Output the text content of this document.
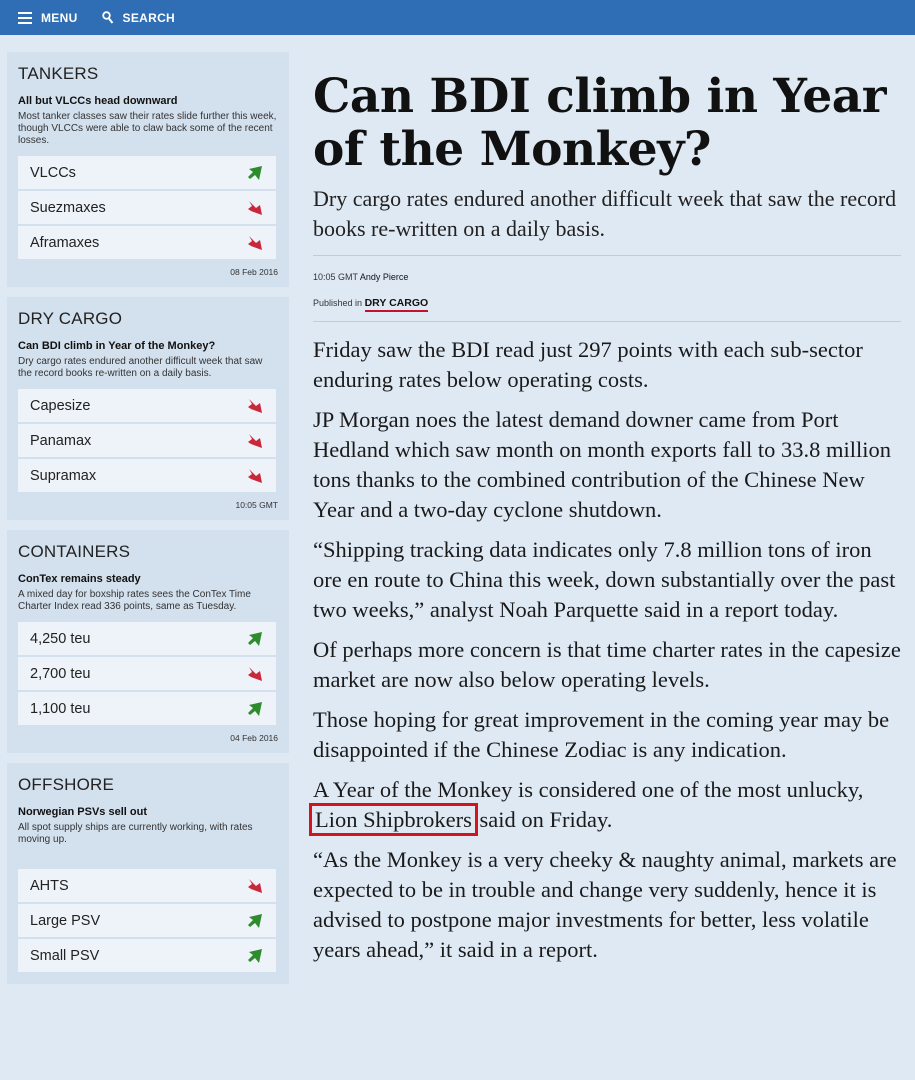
MENU	SEARCH
TANKERS
All but VLCCs head downward
Most tanker classes saw their rates slide further this week, though VLCCs were able to claw back some of the recent losses.
VLCCs
Suezmaxes
Aframaxes
08 Feb 2016
DRY CARGO
Can BDI climb in Year of the Monkey?
Dry cargo rates endured another difficult week that saw the record books re-written on a daily basis.
Capesize
Panamax
Supramax
10:05 GMT
CONTAINERS
ConTex remains steady
A mixed day for boxship rates sees the ConTex Time Charter Index read 336 points, same as Tuesday.
4,250 teu
2,700 teu
1,100 teu
04 Feb 2016
OFFSHORE
Norwegian PSVs sell out
All spot supply ships are currently working, with rates moving up.
AHTS
Large PSV
Small PSV
Can BDI climb in Year of the Monkey?
Dry cargo rates endured another difficult week that saw the record books re-written on a daily basis.
10:05 GMT Andy Pierce
Published in DRY CARGO

Friday saw the BDI read just 297 points with each sub-sector enduring rates below operating costs.

JP Morgan noes the latest demand downer came from Port Hedland which saw month on month exports fall to 33.8 million tons thanks to the combined contribution of the Chinese New Year and a two-day cyclone shutdown.

“Shipping tracking data indicates only 7.8 million tons of iron ore en route to China this week, down substantially over the past two weeks,” analyst Noah Parquette said in a report today.

Of perhaps more concern is that time charter rates in the capesize market are now also below operating levels.

Those hoping for great improvement in the coming year may be disappointed if the Chinese Zodiac is any indication.

A Year of the Monkey is considered one of the most unlucky, Lion Shipbrokers said on Friday.

“As the Monkey is a very cheeky & naughty animal, markets are expected to be in trouble and change very suddenly, hence it is advised to postpone major investments for better, less volatile years ahead,” it said in a report.
